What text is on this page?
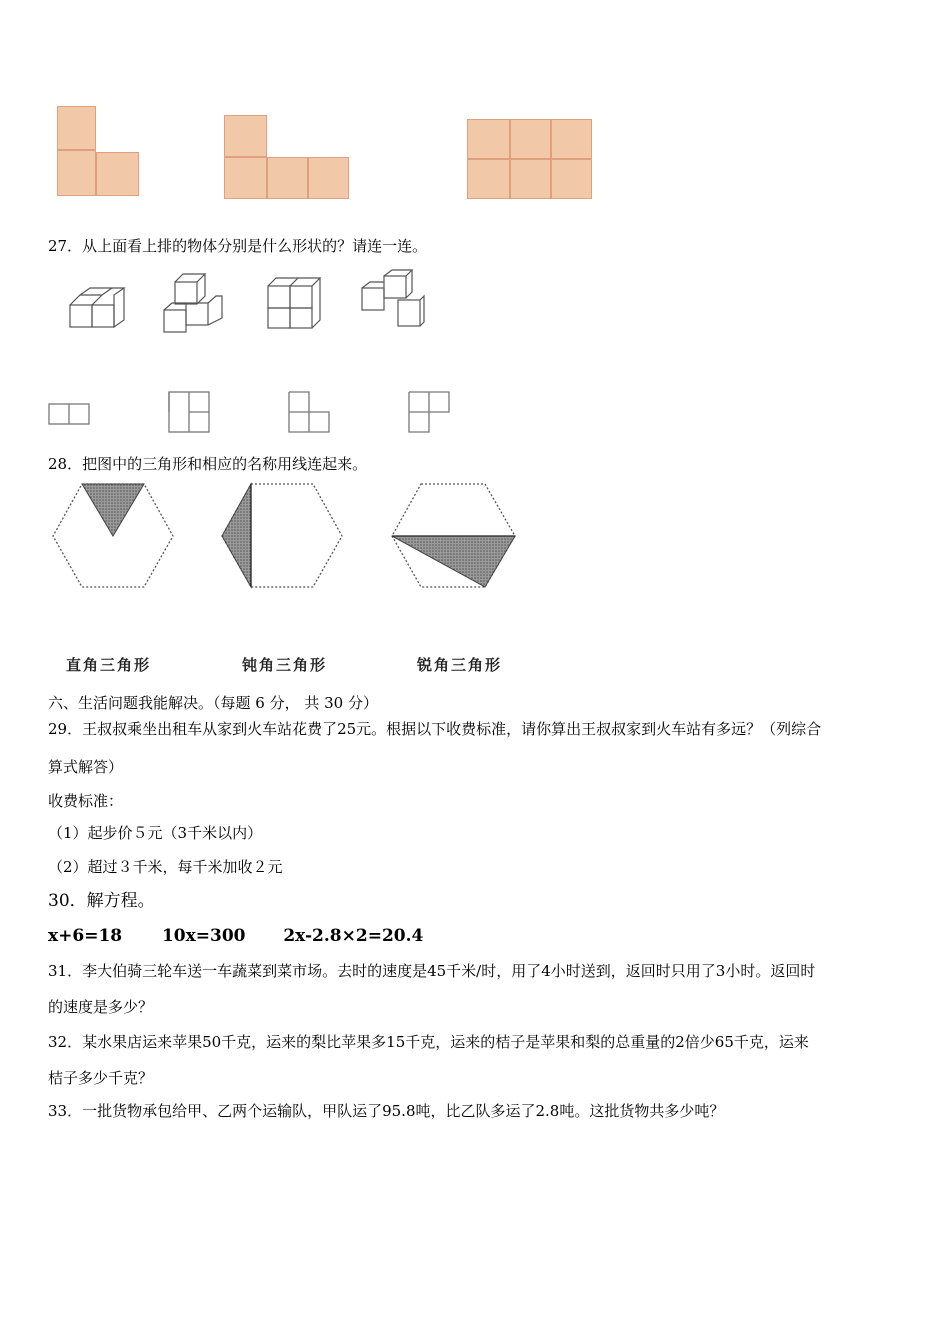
27．从上面看上排的物体分别是什么形状的？请连一连。
28．把图中的三角形和相应的名称用线连起来。
直角三角形	钝角三角形	锐角三角形
六、生活问题我能解决。（每题 6 分， 共 30 分）
29．王叔叔乘坐出租车从家到火车站花费了25元。根据以下收费标准，请你算出王叔叔家到火车站有多远？（列综合
算式解答）
收费标准：
（1）起步价５元（3千米以内）
（2）超过３千米，每千米加收２元
30．解方程。
x+6=18 10x=300 2x-2.8×2=20.4
31．李大伯骑三轮车送一车蔬菜到菜市场。去时的速度是45千米/时，用了4小时送到，返回时只用了3小时。返回时
的速度是多少？
32．某水果店运来苹果50千克，运来的梨比苹果多15千克，运来的桔子是苹果和梨的总重量的2倍少65千克，运来
桔子多少千克？
33．一批货物承包给甲、乙两个运输队，甲队运了95.8吨，比乙队多运了2.8吨。这批货物共多少吨？
